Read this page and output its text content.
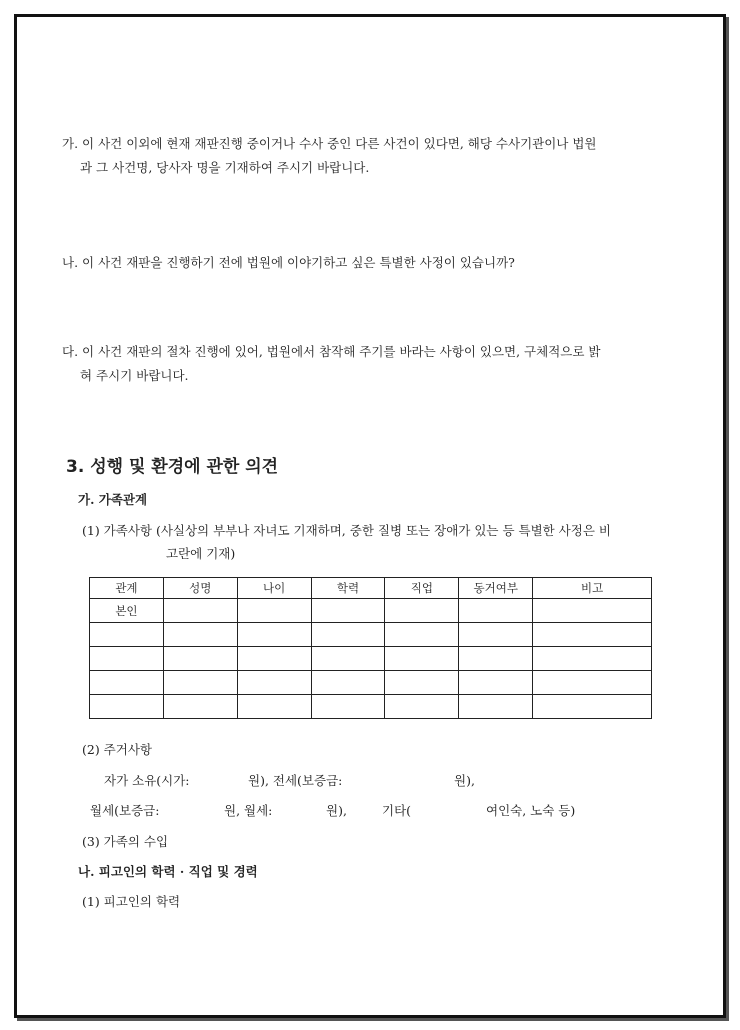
가. 이 사건 이외에 현재 재판진행 중이거나 수사 중인 다른 사건이 있다면, 해당 수사기관이나 법원
과 그 사건명, 당사자 명을 기재하여 주시기 바랍니다.
나. 이 사건 재판을 진행하기 전에 법원에 이야기하고 싶은 특별한 사정이 있습니까?
다. 이 사건 재판의 절차 진행에 있어, 법원에서 참작해 주기를 바라는 사항이 있으면, 구체적으로 밝
혀 주시기 바랍니다.
3. 성행 및 환경에 관한 의견
가. 가족관계
(1) 가족사항 (사실상의 부부나 자녀도 기재하며, 중한 질병 또는 장애가 있는 등 특별한 사정은 비
고란에 기재)
관계	성명	나이	학력	직업	동거여부	비고
본인						

(2) 주거사항
자가 소유(시가:	원), 전세(보증금:	원),
월세(보증금:	원, 월세:	원),	기타(	여인숙, 노숙 등)
(3) 가족의 수입
나. 피고인의 학력 · 직업 및 경력
(1) 피고인의 학력
